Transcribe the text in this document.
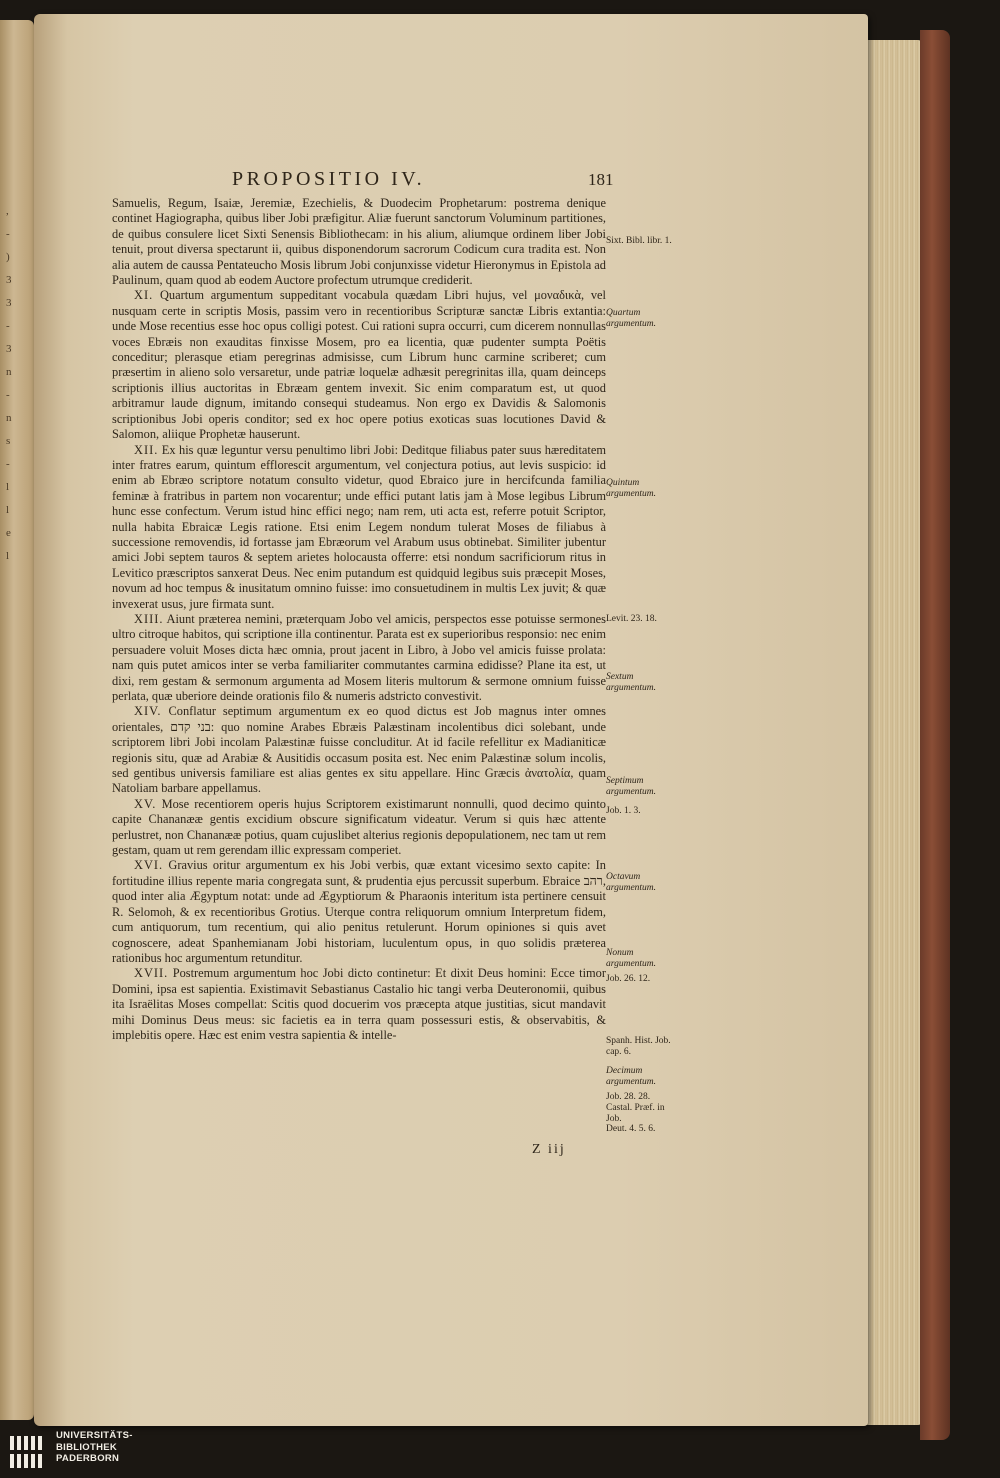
,
-
)
3
3
-
3
n
-
n
s
-
l
l
e
l
PROPOSITIO IV.	181

Samuelis, Regum, Isaiæ, Jeremiæ, Ezechielis, & Duodecim Prophetarum: postrema denique continet Hagiographa, quibus liber Jobi præfigitur. Aliæ fuerunt sanctorum Voluminum partitiones, de quibus consulere licet Sixti Senensis Bibliothecam: in his alium, aliumque ordinem liber Jobi tenuit, prout diversa spectarunt ii, quibus disponendorum sacrorum Codicum cura tradita est. Non alia autem de caussa Pentateucho Mosis librum Jobi conjunxisse videtur Hieronymus in Epistola ad Paulinum, quam quod ab eodem Auctore profectum utrumque crediderit.

XI. Quartum argumentum suppeditant vocabula quædam Libri hujus, vel μοναδικὰ, vel nusquam certe in scriptis Mosis, passim vero in recentioribus Scripturæ sanctæ Libris extantia: unde Mose recentius esse hoc opus colligi potest. Cui rationi supra occurri, cum dicerem nonnullas voces Ebræis non exauditas finxisse Mosem, pro ea licentia, quæ pudenter sumpta Poëtis conceditur; plerasque etiam peregrinas admisisse, cum Librum hunc carmine scriberet; cum præsertim in alieno solo versaretur, unde patriæ loquelæ adhæsit peregrinitas illa, quam deinceps scriptionis illius auctoritas in Ebræam gentem invexit. Sic enim comparatum est, ut quod arbitramur laude dignum, imitando consequi studeamus. Non ergo ex Davidis & Salomonis scriptionibus Jobi operis conditor; sed ex hoc opere potius exoticas suas locutiones David & Salomon, aliique Prophetæ hauserunt.

XII. Ex his quæ leguntur versu penultimo libri Jobi: Deditque filiabus pater suus hæreditatem inter fratres earum, quintum efflorescit argumentum, vel conjectura potius, aut levis suspicio: id enim ab Ebræo scriptore notatum consulto videtur, quod Ebraico jure in hercifcunda familia feminæ à fratribus in partem non vocarentur; unde effici putant latis jam à Mose legibus Librum hunc esse confectum. Verum istud hinc effici nego; nam rem, uti acta est, referre potuit Scriptor, nulla habita Ebraicæ Legis ratione. Etsi enim Legem nondum tulerat Moses de filiabus à successione removendis, id fortasse jam Ebræorum vel Arabum usus obtinebat. Similiter jubentur amici Jobi septem tauros & septem arietes holocausta offerre: etsi nondum sacrificiorum ritus in Levitico præscriptos sanxerat Deus. Nec enim putandum est quidquid legibus suis præcepit Moses, novum ad hoc tempus & inusitatum omnino fuisse: imo consuetudinem in multis Lex juvit; & quæ invexerat usus, jure firmata sunt.

XIII. Aiunt præterea nemini, præterquam Jobo vel amicis, perspectos esse potuisse sermones ultro citroque habitos, qui scriptione illa continentur. Parata est ex superioribus responsio: nec enim persuadere voluit Moses dicta hæc omnia, prout jacent in Libro, à Jobo vel amicis fuisse prolata: nam quis putet amicos inter se verba familiariter commutantes carmina edidisse? Plane ita est, ut dixi, rem gestam & sermonum argumenta ad Mosem literis multorum & sermone omnium fuisse perlata, quæ uberiore deinde orationis filo & numeris adstricto convestivit.

XIV. Conflatur septimum argumentum ex eo quod dictus est Job magnus inter omnes orientales, בני קדם: quo nomine Arabes Ebræis Palæstinam incolentibus dici solebant, unde scriptorem libri Jobi incolam Palæstinæ fuisse concluditur. At id facile refellitur ex Madianiticæ regionis situ, quæ ad Arabiæ & Ausitidis occasum posita est. Nec enim Palæstinæ solum incolis, sed gentibus universis familiare est alias gentes ex situ appellare. Hinc Græcis ἀνατολία, quam Natoliam barbare appellamus.

XV. Mose recentiorem operis hujus Scriptorem existimarunt nonnulli, quod decimo quinto capite Chananææ gentis excidium obscure significatum videatur. Verum si quis hæc attente perlustret, non Chananææ potius, quam cujuslibet alterius regionis depopulationem, nec tam ut rem gestam, quam ut rem gerendam illic expressam comperiet.

XVI. Gravius oritur argumentum ex his Jobi verbis, quæ extant vicesimo sexto capite: In fortitudine illius repente maria congregata sunt, & prudentia ejus percussit superbum. Ebraice רהב, quod inter alia Ægyptum notat: unde ad Ægyptiorum & Pharaonis interitum ista pertinere censuit R. Selomoh, & ex recentioribus Grotius. Uterque contra reliquorum omnium Interpretum fidem, cum antiquorum, tum recentium, qui alio penitus retulerunt. Horum opiniones si quis avet cognoscere, adeat Spanhemianam Jobi historiam, luculentum opus, in quo solidis præterea rationibus hoc argumentum retunditur.

XVII. Postremum argumentum hoc Jobi dicto continetur: Et dixit Deus homini: Ecce timor Domini, ipsa est sapientia. Existimavit Sebastianus Castalio hic tangi verba Deuteronomii, quibus ita Israëlitas Moses compellat: Scitis quod docuerim vos præcepta atque justitias, sicut mandavit mihi Dominus Deus meus: sic facietis ea in terra quam possessuri estis, & observabitis, & implebitis opere. Hæc est enim vestra sapientia & intelle-

Sixt. Bibl. libr. 1.
Quartum argumentum.
Quintum argumentum.
Levit. 23. 18.
Sextum argumentum.
Septimum argumentum.
Job. 1. 3.
Octavum argumentum.
Nonum argumentum.
Job. 26. 12.
Spanh. Hist. Job. cap. 6.
Decimum argumentum.
Job. 28. 28. Castal. Præf. in Job.
Deut. 4. 5. 6.
Z iij
UNIVERSITÄTS-
BIBLIOTHEK
PADERBORN
